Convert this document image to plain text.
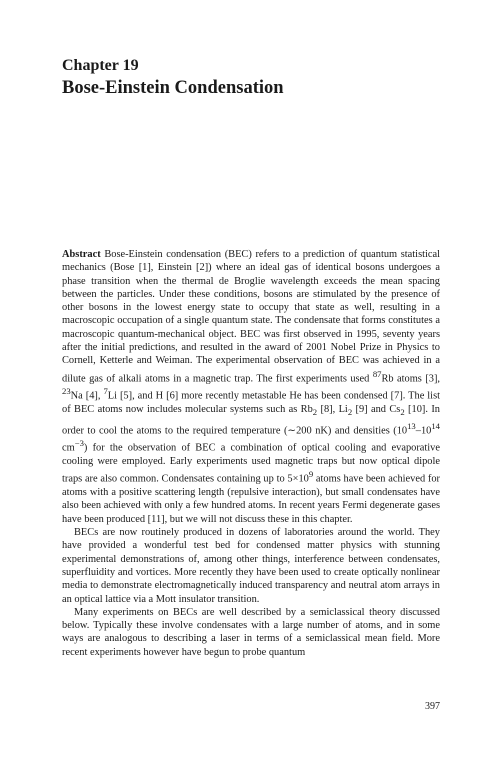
Chapter 19
Bose-Einstein Condensation

Abstract Bose-Einstein condensation (BEC) refers to a prediction of quantum statistical mechanics (Bose [1], Einstein [2]) where an ideal gas of identical bosons undergoes a phase transition when the thermal de Broglie wavelength exceeds the mean spacing between the particles. Under these conditions, bosons are stimulated by the presence of other bosons in the lowest energy state to occupy that state as well, resulting in a macroscopic occupation of a single quantum state. The condensate that forms constitutes a macroscopic quantum-mechanical object. BEC was first observed in 1995, seventy years after the initial predictions, and resulted in the award of 2001 Nobel Prize in Physics to Cornell, Ketterle and Weiman. The experimental observation of BEC was achieved in a dilute gas of alkali atoms in a magnetic trap. The first experiments used $^{87}$Rb atoms [3], $^{23}$Na [4], $^7$Li [5], and H [6] more recently metastable He has been condensed [7]. The list of BEC atoms now includes molecular systems such as $Rb_2$ [8], $Li_2$ [9] and $Cs_2$ [10]. In order to cool the atoms to the required temperature (∼200 nK) and densities ($10^{13}-10^{14}$ $cm^{-3}$) for the observation of BEC a combination of optical cooling and evaporative cooling were employed. Early experiments used magnetic traps but now optical dipole traps are also common. Condensates containing up to $5\times 10^9$ atoms have been achieved for atoms with a positive scattering length (repulsive interaction), but small condensates have also been achieved with only a few hundred atoms. In recent years Fermi degenerate gases have been produced [11], but we will not discuss these in this chapter.

BECs are now routinely produced in dozens of laboratories around the world. They have provided a wonderful test bed for condensed matter physics with stunning experimental demonstrations of, among other things, interference between condensates, superfluidity and vortices. More recently they have been used to create optically nonlinear media to demonstrate electromagnetically induced transparency and neutral atom arrays in an optical lattice via a Mott insulator transition.

Many experiments on BECs are well described by a semiclassical theory discussed below. Typically these involve condensates with a large number of atoms, and in some ways are analogous to describing a laser in terms of a semiclassical mean field. More recent experiments however have begun to probe quantum

397
